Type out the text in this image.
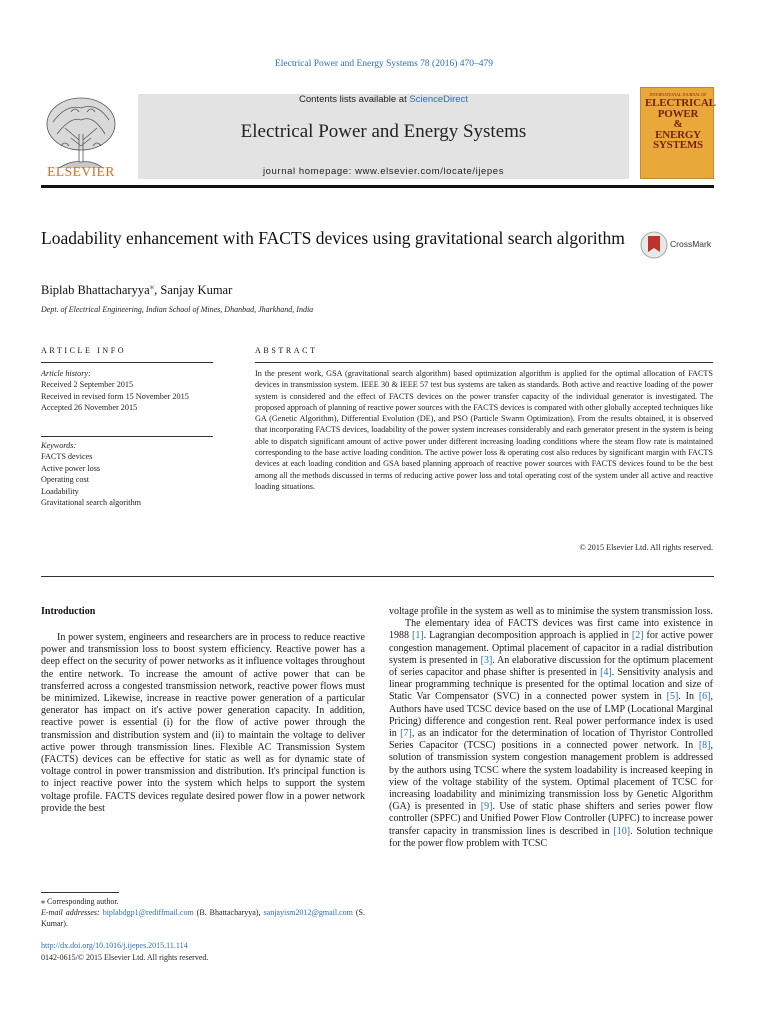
Electrical Power and Energy Systems 78 (2016) 470–479
ELSEVIER
Contents lists available at ScienceDirect
Electrical Power and Energy Systems
journal homepage: www.elsevier.com/locate/ijepes
INTERNATIONAL JOURNAL OF
ELECTRICAL
POWER
&
ENERGY
SYSTEMS
Loadability enhancement with FACTS devices using gravitational search algorithm	CrossMark
Biplab Bhattacharyya⁎, Sanjay Kumar
Dept. of Electrical Engineering, Indian School of Mines, Dhanbad, Jharkhand, India
ARTICLE INFO
Article history:
Received 2 September 2015
Received in revised form 15 November 2015
Accepted 26 November 2015
Keywords:
FACTS devices
Active power loss
Operating cost
Loadability
Gravitational search algorithm
ABSTRACT
In the present work, GSA (gravitational search algorithm) based optimization algorithm is applied for the optimal allocation of FACTS devices in transmission system. IEEE 30 & IEEE 57 test bus systems are taken as standards. Both active and reactive loading of the power system is considered and the effect of FACTS devices on the power transfer capacity of the individual generator is investigated. The proposed approach of planning of reactive power sources with the FACTS devices is compared with other globally accepted techniques like GA (Genetic Algorithm), Differential Evolution (DE), and PSO (Particle Swarm Optimization). From the results obtained, it is observed that incorporating FACTS devices, loadability of the power system increases considerably and each generator present in the system is being able to dispatch significant amount of active power under different increasing loading conditions where the steam flow rate is maintained corresponding to the base active loading condition. The active power loss & operating cost also reduces by significant margin with FACTS devices at each loading condition and GSA based planning approach of reactive power sources with FACTS devices found to be the best among all the methods discussed in terms of reducing active power loss and total operating cost of the system under all active and reactive loading situations.
© 2015 Elsevier Ltd. All rights reserved.
Introduction
In power system, engineers and researchers are in process to reduce reactive power and transmission loss to boost system efficiency. Reactive power has a deep effect on the security of power networks as it influence voltages throughout the entire network. To increase the amount of active power that can be transferred across a congested transmission network, reactive power flows must be minimized. Likewise, increase in reactive power generation of a particular generator has impact on it's active power generation capacity. In addition, reactive power is essential (i) for the flow of active power through the transmission and distribution system and (ii) to maintain the voltage to deliver active power through transmission lines. Flexible AC Transmission System (FACTS) devices can be effective for static as well as for dynamic state of voltage control in power transmission and distribution. It's principal function is to inject reactive power into the system which helps to support the system voltage profile. FACTS devices regulate desired power flow in a power network provide the best

voltage profile in the system as well as to minimise the system transmission loss.

The elementary idea of FACTS devices was first came into existence in 1988 [1]. Lagrangian decomposition approach is applied in [2] for active power congestion management. Optimal placement of capacitor in a radial distribution system is presented in [3]. An elaborative discussion for the optimum placement of series capacitor and phase shifter is presented in [4]. Sensitivity analysis and linear programming technique is presented for the optimal location and size of Static Var Compensator (SVC) in a connected power system in [5]. In [6], Authors have used TCSC device based on the use of LMP (Locational Marginal Pricing) difference and congestion rent. Real power performance index is used in [7], as an indicator for the determination of location of Thyristor Controlled Series Capacitor (TCSC) positions in a connected power network. In [8], solution of transmission system congestion management problem is addressed by the authors using TCSC where the system loadability is increased keeping in view of the voltage stability of the system. Optimal placement of TCSC for increasing loadability and minimizing transmission loss by Genetic Algorithm (GA) is presented in [9]. Use of static phase shifters and series power flow controller (SPFC) and Unified Power Flow Controller (UPFC) to increase power transfer capacity in transmission lines is described in [10]. Solution technique for the power flow problem with TCSC

⁎ Corresponding author.
E-mail addresses: biplabdgp1@rediffmail.com (B. Bhattacharyya), sanjayism2012@gmail.com (S. Kumar).
http://dx.doi.org/10.1016/j.ijepes.2015.11.114
0142-0615/© 2015 Elsevier Ltd. All rights reserved.
